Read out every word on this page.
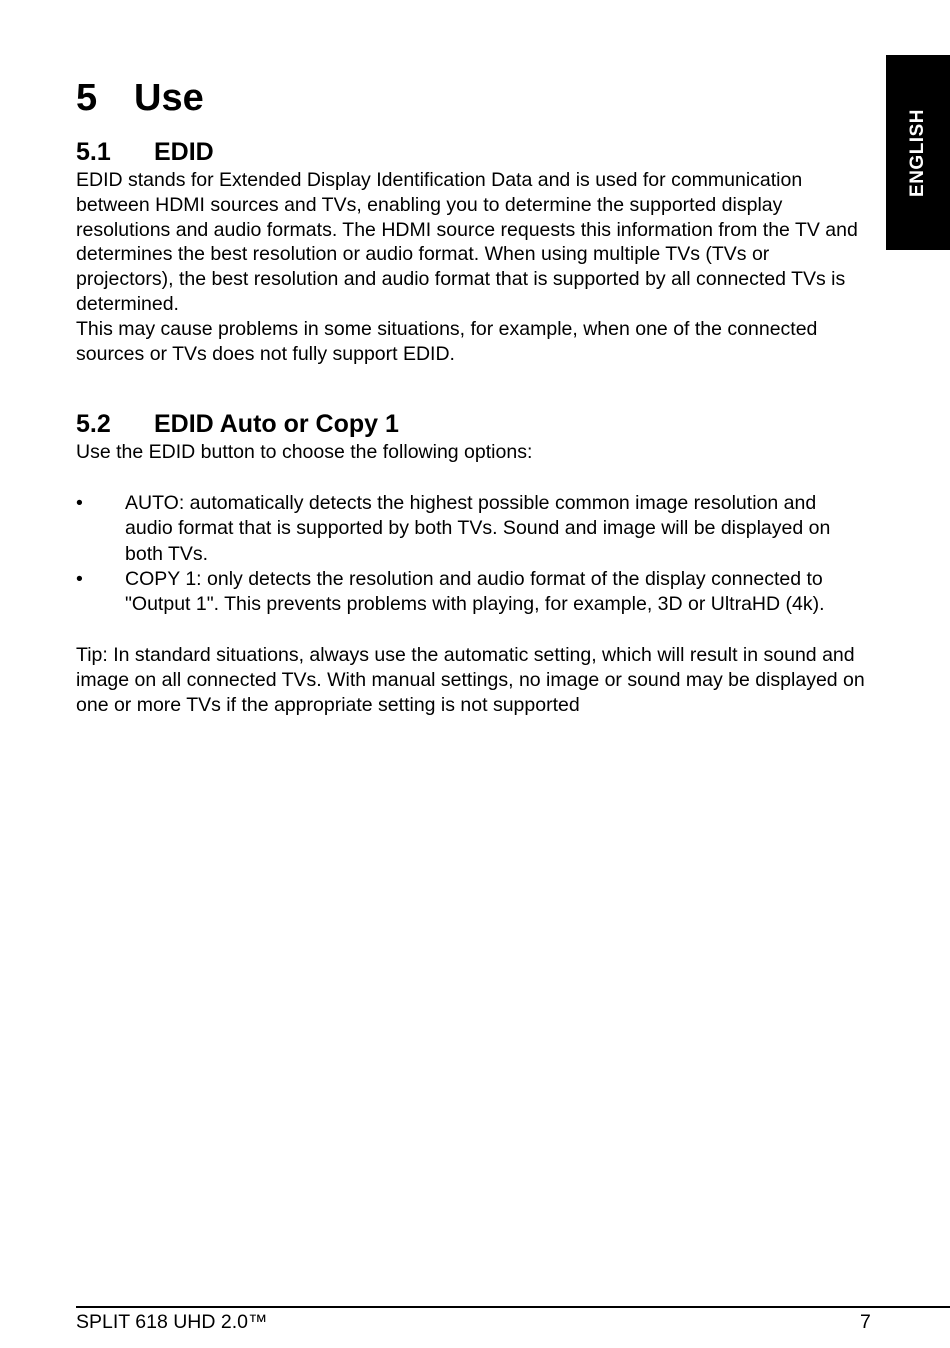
ENGLISH
5 Use
5.1	EDID

EDID stands for Extended Display Identification Data and is used for communication between HDMI sources and TVs, enabling you to determine the supported display resolutions and audio formats. The HDMI source requests this information from the TV and determines the best resolution or audio format. When using multiple TVs (TVs or projectors), the best resolution and audio format that is supported by all connected TVs is determined.

This may cause problems in some situations, for example, when one of the connected sources or TVs does not fully support EDID.

5.2	EDID Auto or Copy 1

Use the EDID button to choose the following options:

•	AUTO: automatically detects the highest possible common image resolution and audio format that is supported by both TVs. Sound and image will be displayed on both TVs.
•	COPY 1: only detects the resolution and audio format of the display connected to "Output 1". This prevents problems with playing, for example, 3D or UltraHD (4k).

Tip: In standard situations, always use the automatic setting, which will result in sound and image on all connected TVs. With manual settings, no image or sound may be displayed on one or more TVs if the appropriate setting is not supported

SPLIT 618 UHD 2.0™	7
